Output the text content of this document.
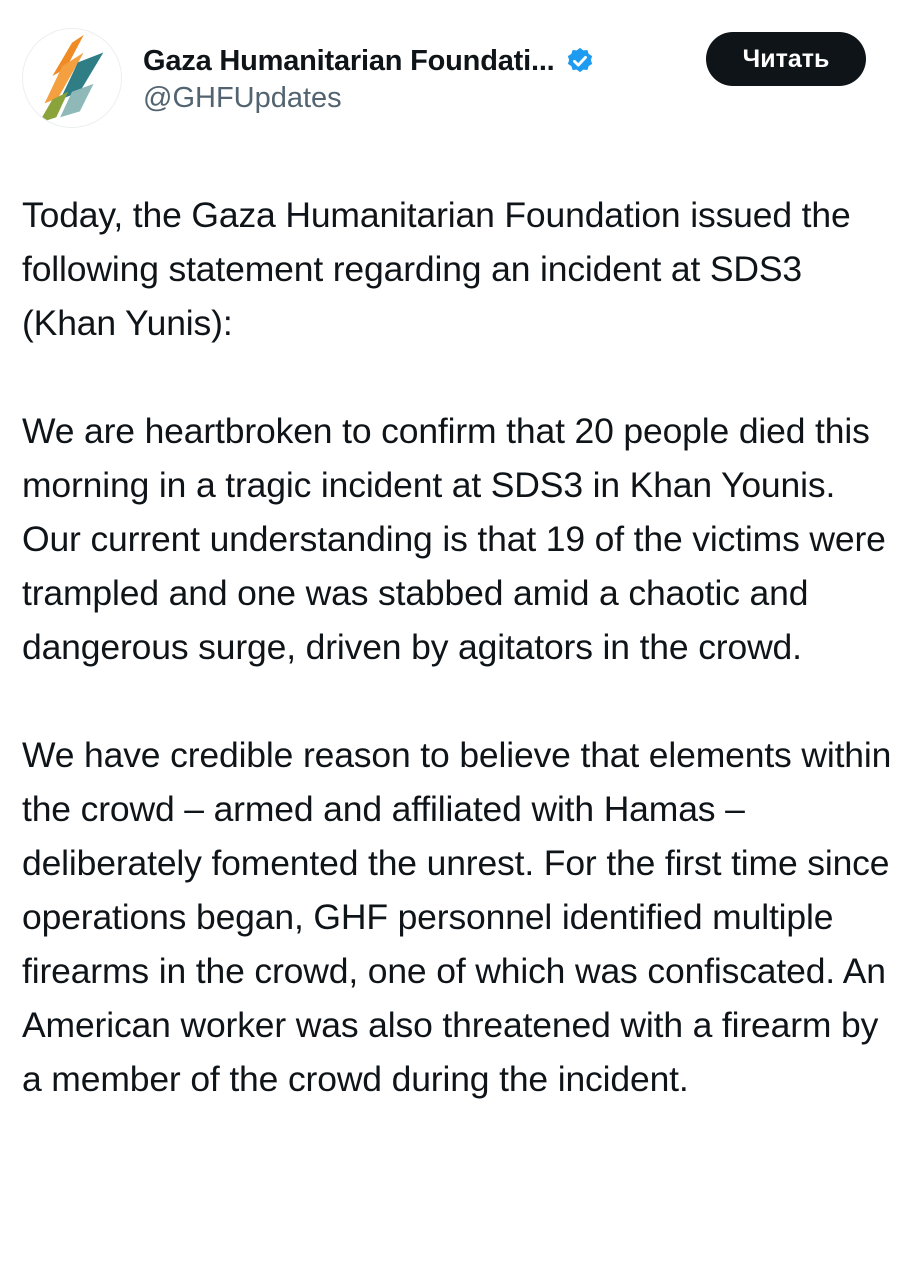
Gaza Humanitarian Foundati...
@GHFUpdates
Читать

Today, the Gaza Humanitarian Foundation issued the following statement regarding an incident at SDS3 (Khan Yunis):

We are heartbroken to confirm that 20 people died this morning in a tragic incident at SDS3 in Khan Younis. Our current understanding is that 19 of the victims were trampled and one was stabbed amid a chaotic and dangerous surge, driven by agitators in the crowd.

We have credible reason to believe that elements within the crowd – armed and affiliated with Hamas – deliberately fomented the unrest. For the first time since operations began, GHF personnel identified multiple firearms in the crowd, one of which was confiscated. An American worker was also threatened with a firearm by a member of the crowd during the incident.
